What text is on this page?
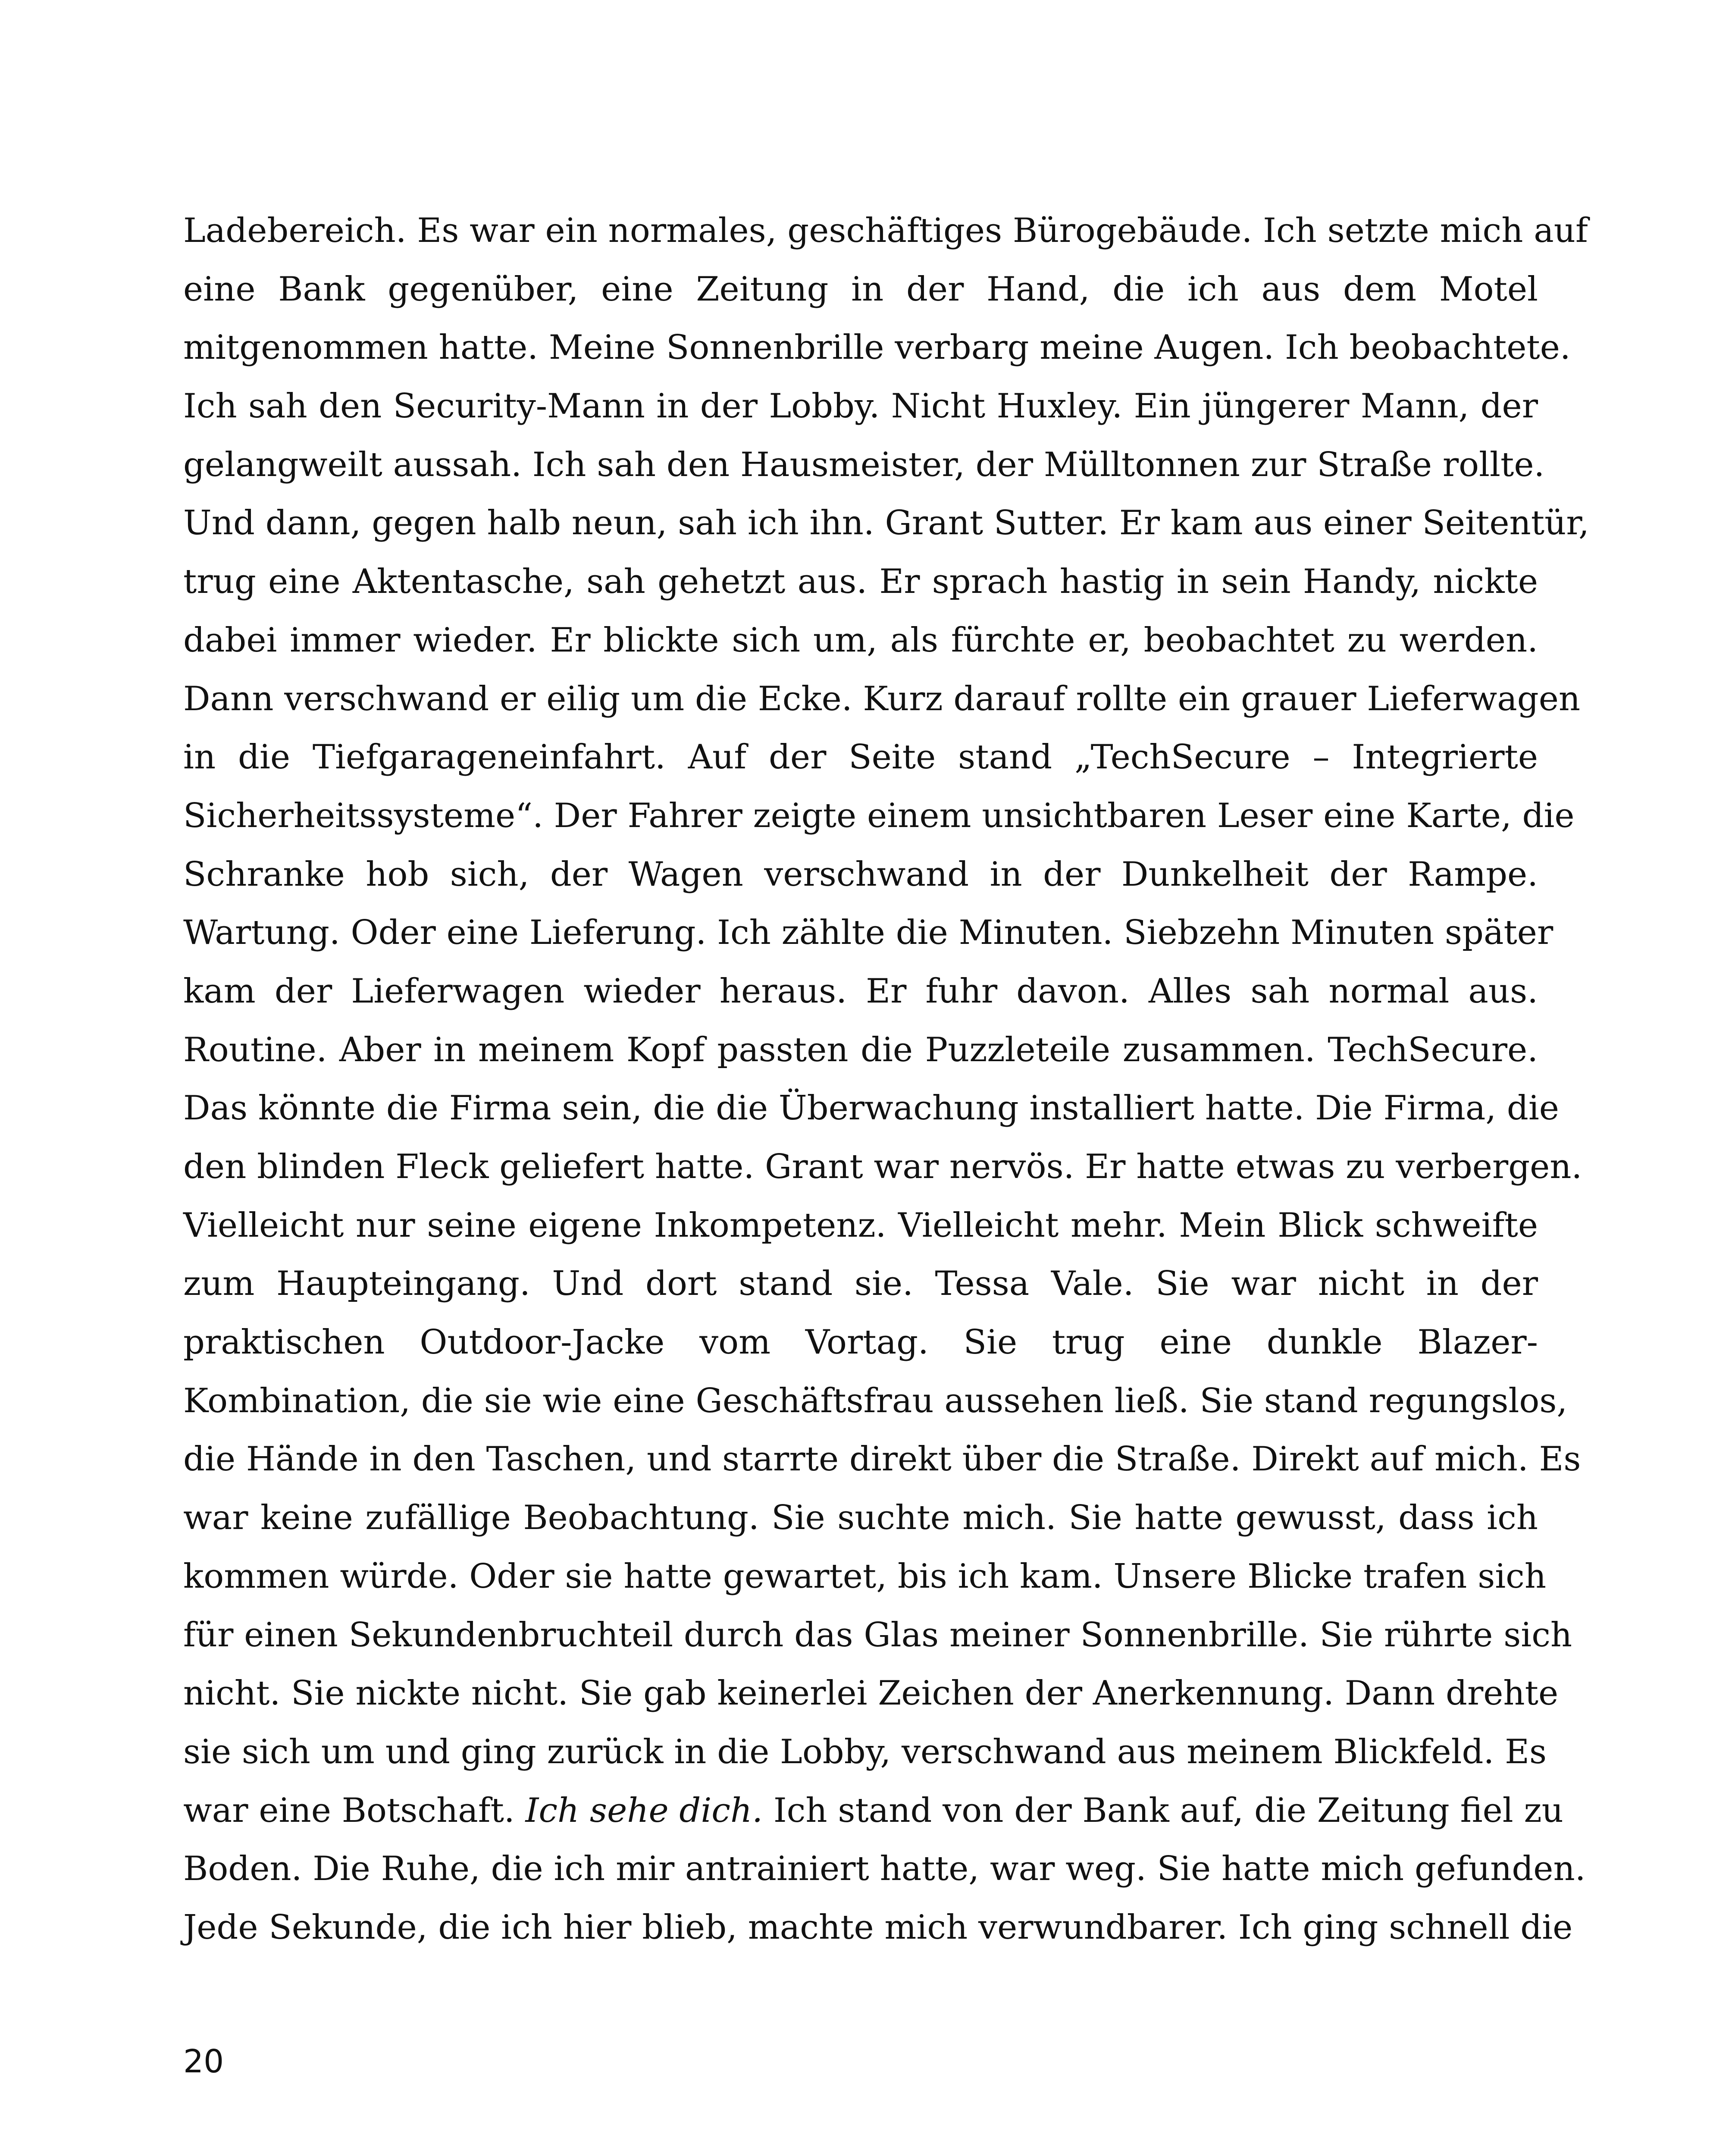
Ladebereich. Es war ein normales, geschäftiges Bürogebäude. Ich setzte mich auf
eine Bank gegenüber, eine Zeitung in der Hand, die ich aus dem Motel
mitgenommen hatte. Meine Sonnenbrille verbarg meine Augen. Ich beobachtete.
Ich sah den Security-Mann in der Lobby. Nicht Huxley. Ein jüngerer Mann, der
gelangweilt aussah. Ich sah den Hausmeister, der Mülltonnen zur Straße rollte.
Und dann, gegen halb neun, sah ich ihn. Grant Sutter. Er kam aus einer Seitentür,
trug eine Aktentasche, sah gehetzt aus. Er sprach hastig in sein Handy, nickte
dabei immer wieder. Er blickte sich um, als fürchte er, beobachtet zu werden.
Dann verschwand er eilig um die Ecke. Kurz darauf rollte ein grauer Lieferwagen
in die Tiefgarageneinfahrt. Auf der Seite stand „TechSecure – Integrierte
Sicherheitssysteme“. Der Fahrer zeigte einem unsichtbaren Leser eine Karte, die
Schranke hob sich, der Wagen verschwand in der Dunkelheit der Rampe.
Wartung. Oder eine Lieferung. Ich zählte die Minuten. Siebzehn Minuten später
kam der Lieferwagen wieder heraus. Er fuhr davon. Alles sah normal aus.
Routine. Aber in meinem Kopf passten die Puzzleteile zusammen. TechSecure.
Das könnte die Firma sein, die die Überwachung installiert hatte. Die Firma, die
den blinden Fleck geliefert hatte. Grant war nervös. Er hatte etwas zu verbergen.
Vielleicht nur seine eigene Inkompetenz. Vielleicht mehr. Mein Blick schweifte
zum Haupteingang. Und dort stand sie. Tessa Vale. Sie war nicht in der
praktischen Outdoor-Jacke vom Vortag. Sie trug eine dunkle Blazer-
Kombination, die sie wie eine Geschäftsfrau aussehen ließ. Sie stand regungslos,
die Hände in den Taschen, und starrte direkt über die Straße. Direkt auf mich. Es
war keine zufällige Beobachtung. Sie suchte mich. Sie hatte gewusst, dass ich
kommen würde. Oder sie hatte gewartet, bis ich kam. Unsere Blicke trafen sich
für einen Sekundenbruchteil durch das Glas meiner Sonnenbrille. Sie rührte sich
nicht. Sie nickte nicht. Sie gab keinerlei Zeichen der Anerkennung. Dann drehte
sie sich um und ging zurück in die Lobby, verschwand aus meinem Blickfeld. Es
war eine Botschaft. Ich sehe dich. Ich stand von der Bank auf, die Zeitung fiel zu
Boden. Die Ruhe, die ich mir antrainiert hatte, war weg. Sie hatte mich gefunden.
Jede Sekunde, die ich hier blieb, machte mich verwundbarer. Ich ging schnell die
20
